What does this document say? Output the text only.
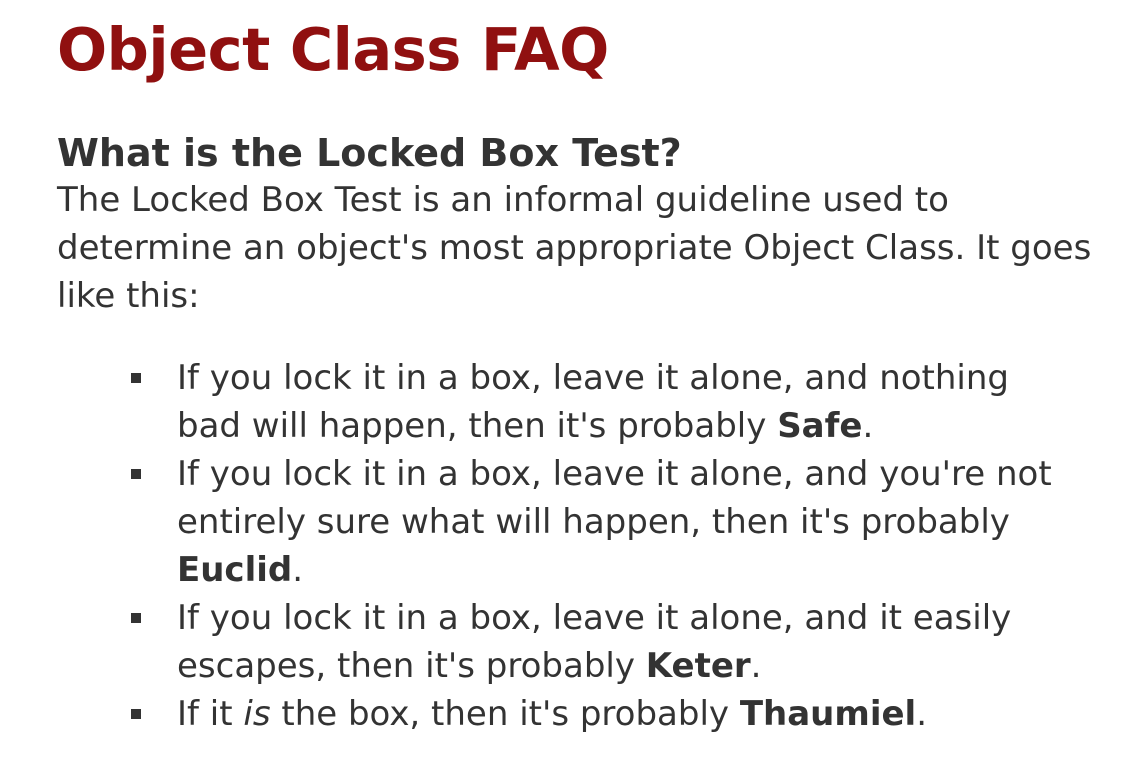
Object Class FAQ
What is the Locked Box Test?

The Locked Box Test is an informal guideline used to determine an object's most appropriate Object Class. It goes like this:

If you lock it in a box, leave it alone, and nothing bad will happen, then it's probably Safe.
If you lock it in a box, leave it alone, and you're not entirely sure what will happen, then it's probably Euclid.
If you lock it in a box, leave it alone, and it easily escapes, then it's probably Keter.
If it is the box, then it's probably Thaumiel.
